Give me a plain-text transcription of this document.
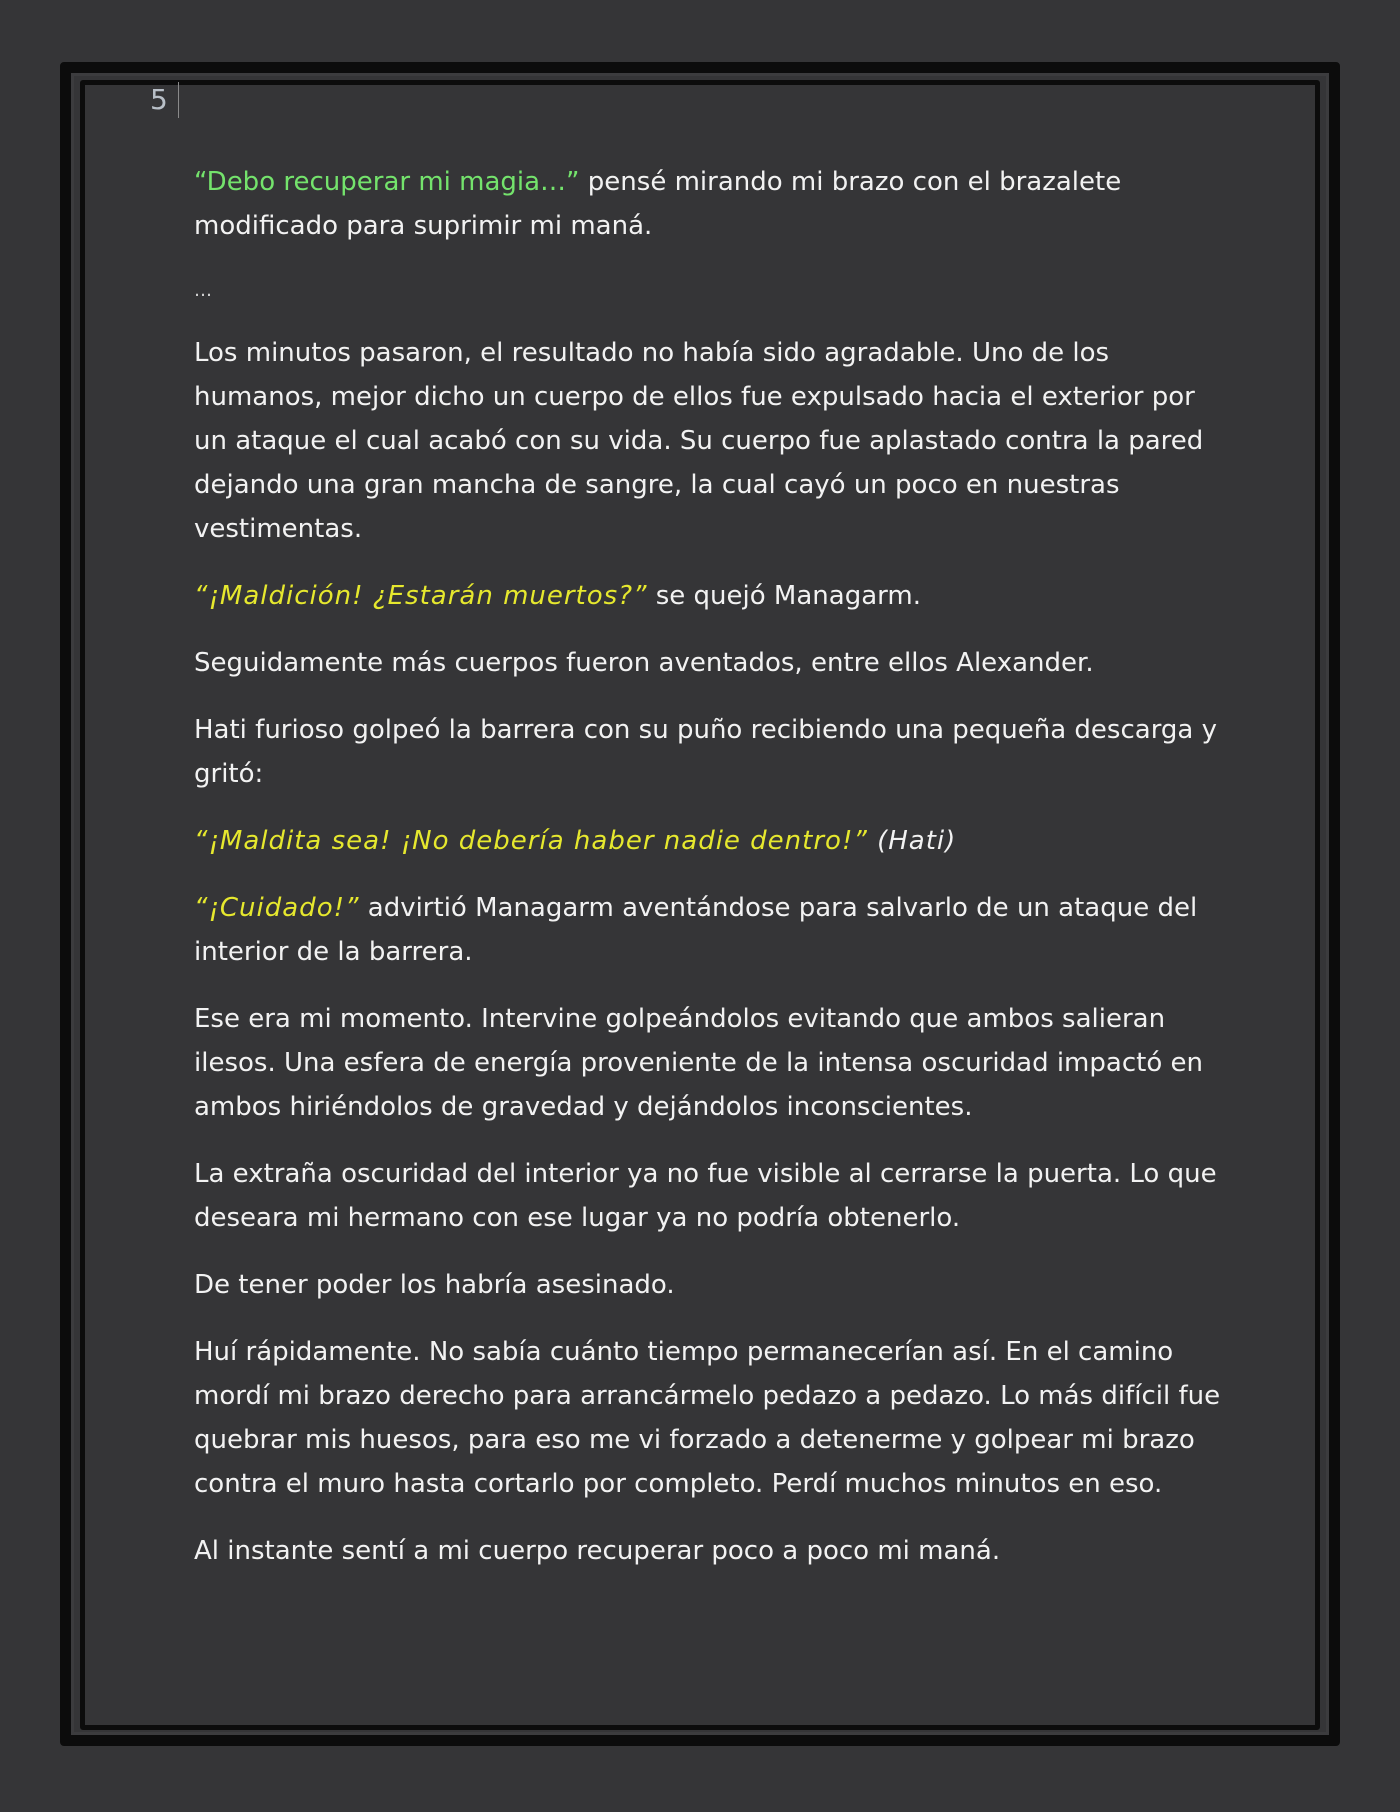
5

“Debo recuperar mi magia…” pensé mirando mi brazo con el brazalete modificado para suprimir mi maná.

…

Los minutos pasaron, el resultado no había sido agradable. Uno de los humanos, mejor dicho un cuerpo de ellos fue expulsado hacia el exterior por un ataque el cual acabó con su vida. Su cuerpo fue aplastado contra la pared dejando una gran mancha de sangre, la cual cayó un poco en nuestras vestimentas.

“¡Maldición! ¿Estarán muertos?” se quejó Managarm.

Seguidamente más cuerpos fueron aventados, entre ellos Alexander.

Hati furioso golpeó la barrera con su puño recibiendo una pequeña descarga y gritó:

“¡Maldita sea! ¡No debería haber nadie dentro!” (Hati)

“¡Cuidado!” advirtió Managarm aventándose para salvarlo de un ataque del interior de la barrera.

Ese era mi momento. Intervine golpeándolos evitando que ambos salieran ilesos. Una esfera de energía proveniente de la intensa oscuridad impactó en ambos hiriéndolos de gravedad y dejándolos inconscientes.

La extraña oscuridad del interior ya no fue visible al cerrarse la puerta. Lo que deseara mi hermano con ese lugar ya no podría obtenerlo.

De tener poder los habría asesinado.

Huí rápidamente. No sabía cuánto tiempo permanecerían así. En el camino mordí mi brazo derecho para arrancármelo pedazo a pedazo. Lo más difícil fue quebrar mis huesos, para eso me vi forzado a detenerme y golpear mi brazo contra el muro hasta cortarlo por completo. Perdí muchos minutos en eso.

Al instante sentí a mi cuerpo recuperar poco a poco mi maná.
